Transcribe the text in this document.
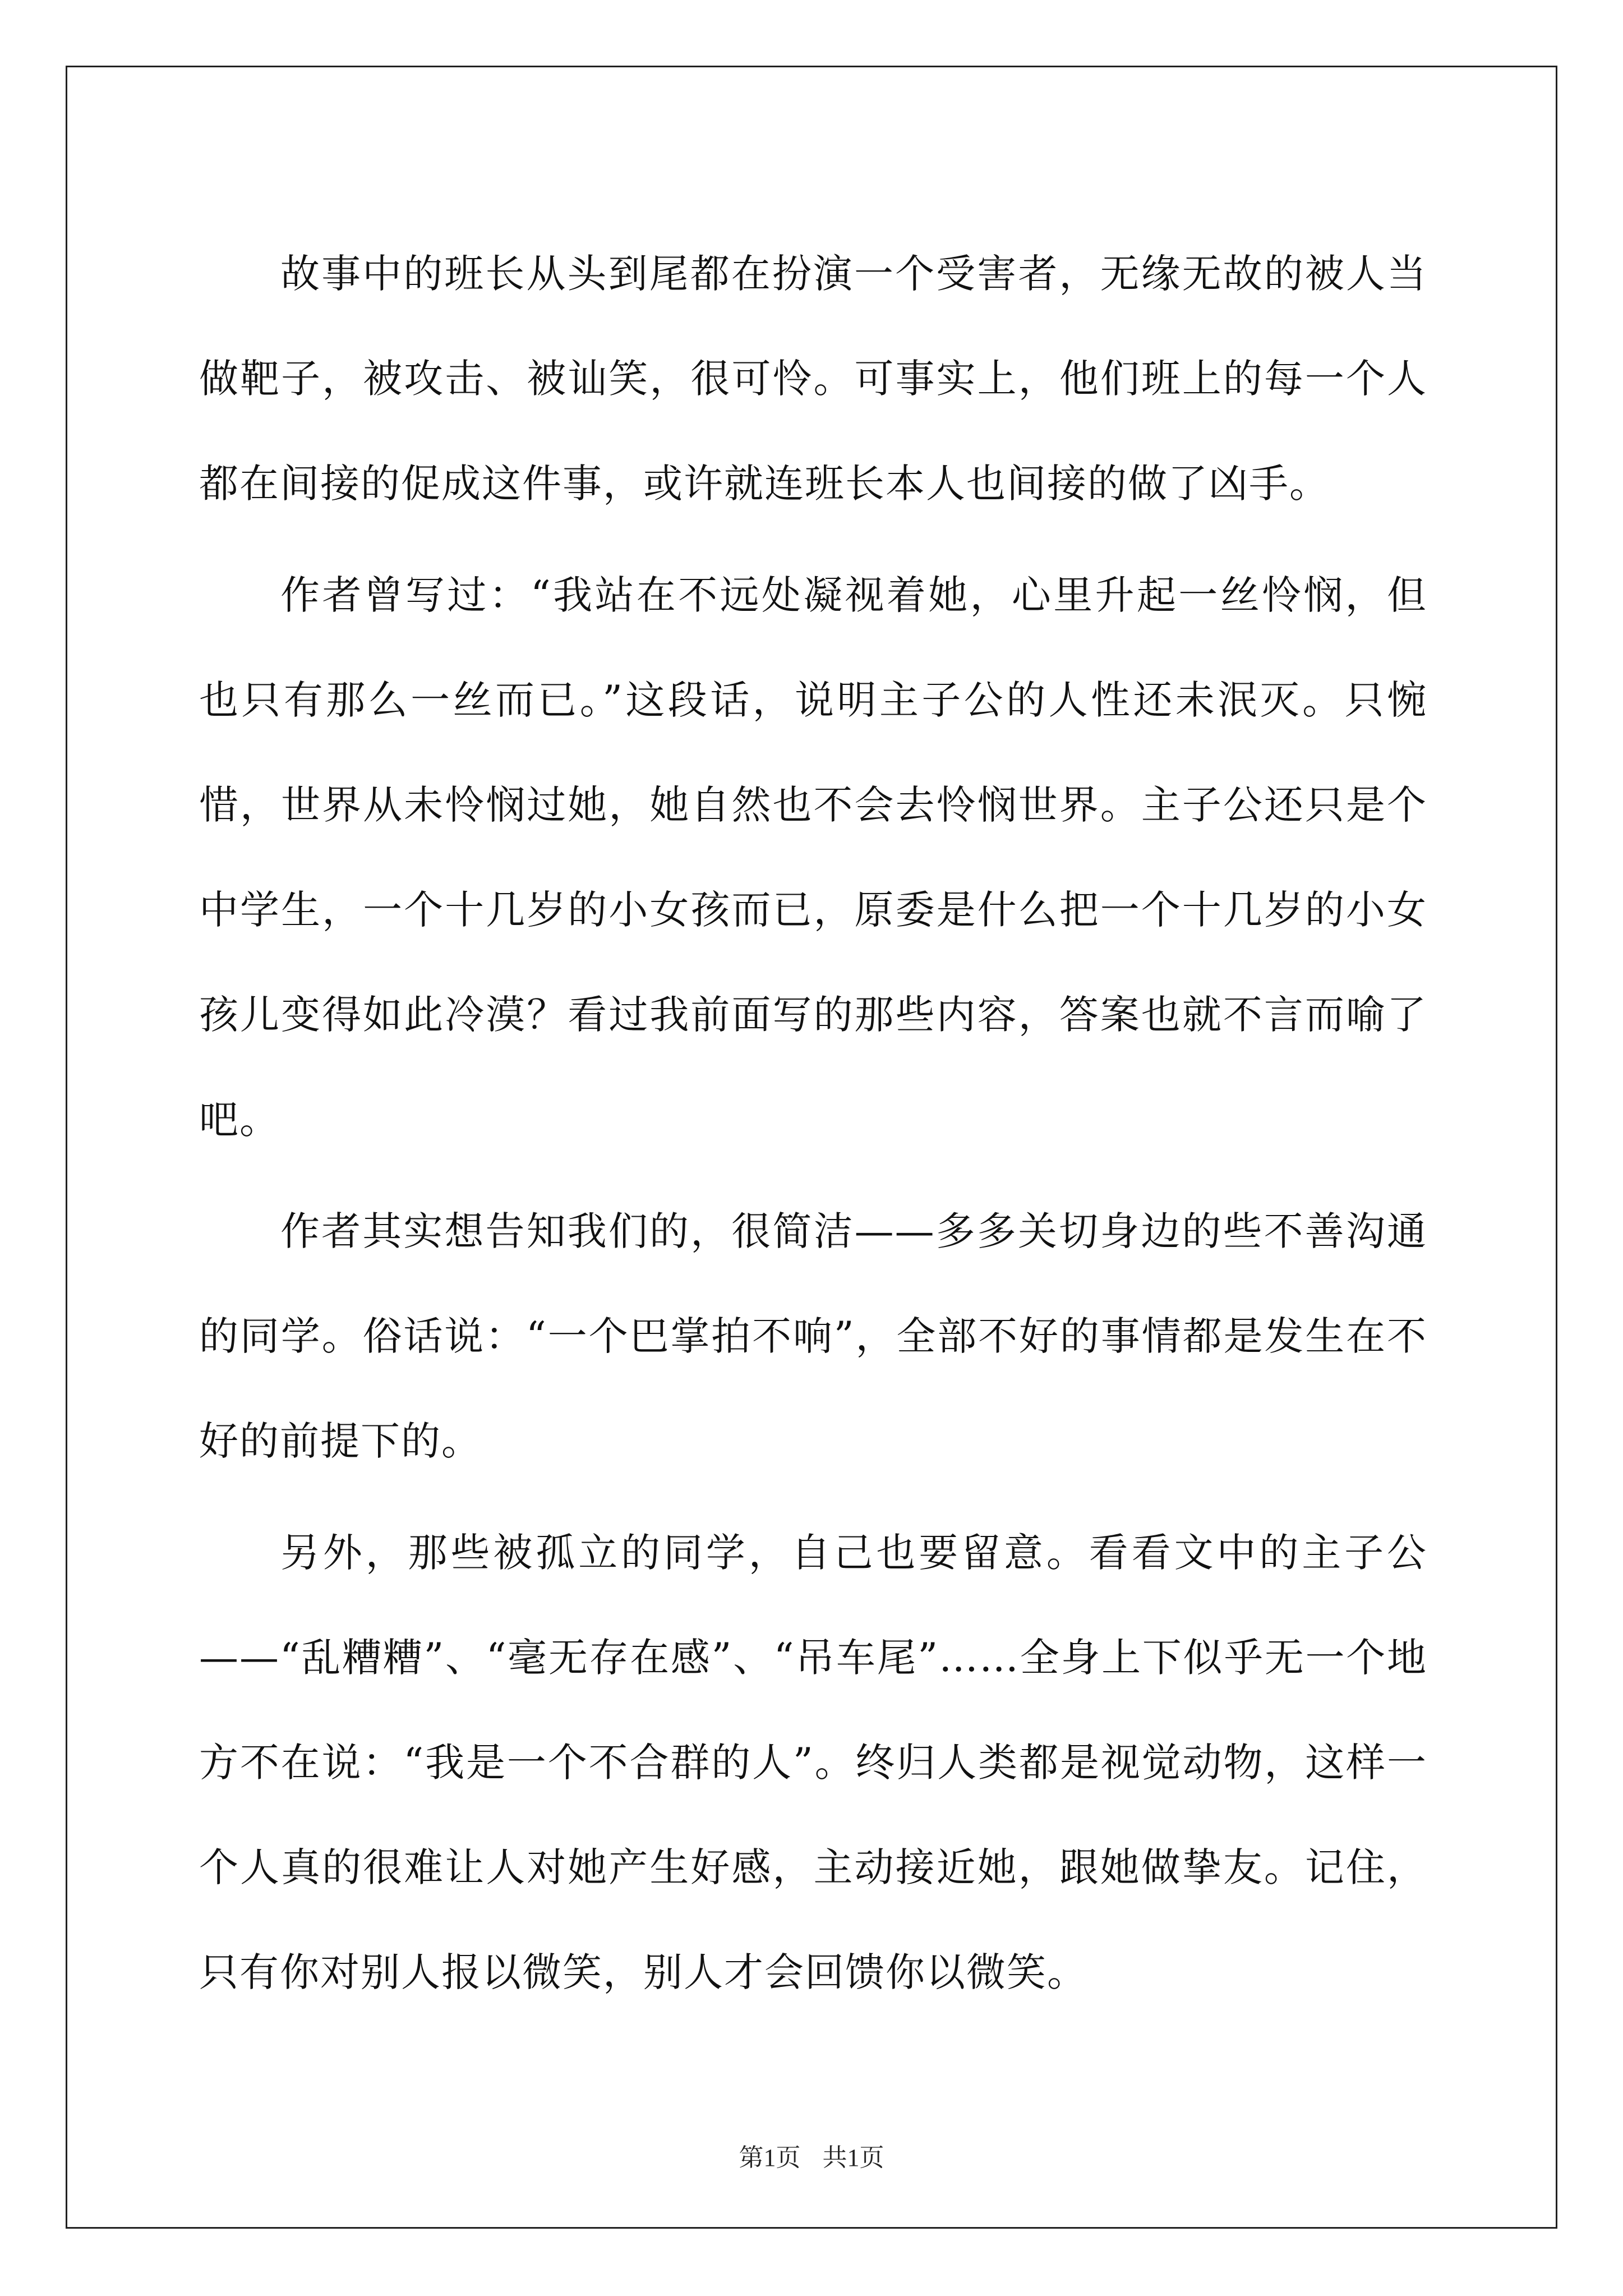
故事中的班长从头到尾都在扮演一个受害者，无缘无故的被人当做靶子，被攻击、被讪笑，很可怜。可事实上，他们班上的每一个人都在间接的促成这件事，或许就连班长本人也间接的做了凶手。

作者曾写过：“我站在不远处凝视着她，心里升起一丝怜悯，但也只有那么一丝而已。”这段话，说明主子公的人性还未泯灭。只惋惜，世界从未怜悯过她，她自然也不会去怜悯世界。主子公还只是个中学生，一个十几岁的小女孩而已，原委是什么把一个十几岁的小女孩儿变得如此冷漠？看过我前面写的那些内容，答案也就不言而喻了吧。

作者其实想告知我们的，很简洁——多多关切身边的些不善沟通的同学。俗话说：“一个巴掌拍不响”，全部不好的事情都是发生在不好的前提下的。

另外，那些被孤立的同学，自己也要留意。看看文中的主子公——“乱糟糟”、“毫无存在感”、“吊车尾”……全身上下似乎无一个地方不在说：“我是一个不合群的人”。终归人类都是视觉动物，这样一个人真的很难让人对她产生好感，主动接近她，跟她做挚友。记住，只有你对别人报以微笑，别人才会回馈你以微笑。

第1页 共1页
